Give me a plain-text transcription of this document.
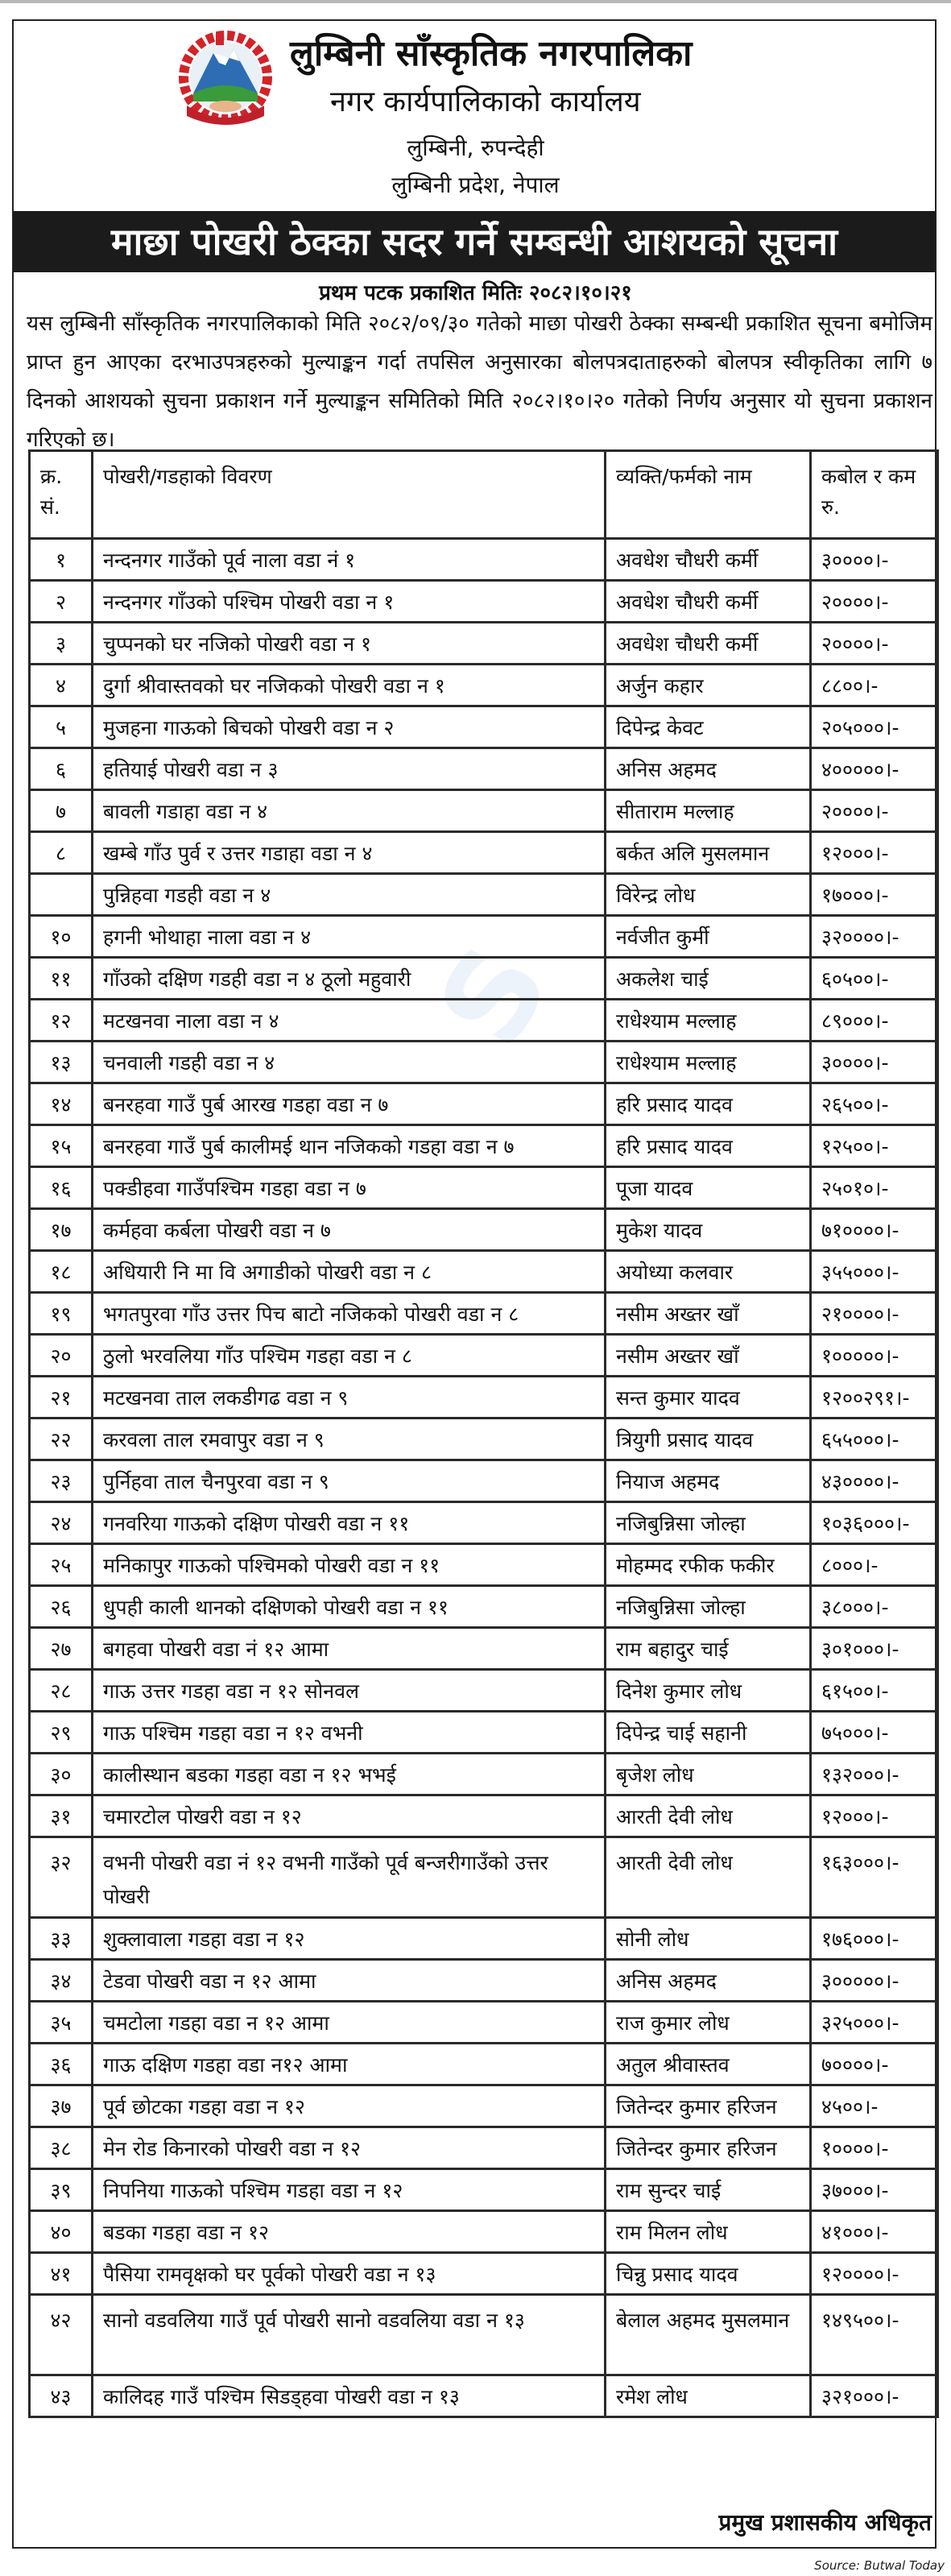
S
लुम्बिनी साँस्कृतिक नगरपालिका
नगर कार्यपालिकाको कार्यालय
लुम्बिनी, रुपन्देही
लुम्बिनी प्रदेश, नेपाल
माछा पोखरी ठेक्का सदर गर्ने सम्बन्धी आशयको सूचना
प्रथम पटक प्रकाशित मितिः २०८२।१०।२१
यस लुम्बिनी साँस्कृतिक नगरपालिकाको मिति २०८२/०९/३० गतेको माछा पोखरी ठेक्का सम्बन्धी प्रकाशित सूचना बमोजिम प्राप्त हुन आएका दरभाउपत्रहरुको मुल्याङ्कन गर्दा तपसिल अनुसारका बोलपत्रदाताहरुको बोलपत्र स्वीकृतिका लागि ७ दिनको आशयको सुचना प्रकाशन गर्ने मुल्याङ्कन समितिको मिति २०८२।१०।२० गतेको निर्णय अनुसार यो सुचना प्रकाशन गरिएको छ।
क्र. सं.	पोखरी/गडहाको विवरण	व्यक्ति/फर्मको नाम	कबोल र कम रु.
१	नन्दनगर गाउँको पूर्व नाला वडा नं १	अवधेश चौधरी कर्मी	३००००।-
२	नन्दनगर गाँउको पश्चिम पोखरी वडा न १	अवधेश चौधरी कर्मी	२००००।-
३	चुप्पनको घर नजिको पोखरी वडा न १	अवधेश चौधरी कर्मी	२००००।-
४	दुर्गा श्रीवास्तवको घर नजिकको पोखरी वडा न १	अर्जुन कहार	८८००।-
५	मुजहना गाऊको बिचको पोखरी वडा न २	दिपेन्द्र केवट	२०५०००।-
६	हतियाई पोखरी वडा न ३	अनिस अहमद	४०००००।-
७	बावली गडाहा वडा न ४	सीताराम मल्लाह	२००००।-
८	खम्बे गाँउ पुर्व र उत्तर गडाहा वडा न ४	बर्कत अलि मुसलमान	१२०००।-
	पुन्निहवा गडही वडा न ४	विरेन्द्र लोध	१७०००।-
१०	हगनी भोथाहा नाला वडा न ४	नर्वजीत कुर्मी	३२००००।-
११	गाँउको दक्षिण गडही वडा न ४ ठूलो महुवारी	अकलेश चाई	६०५००।-
१२	मटखनवा नाला वडा न ४	राधेश्याम मल्लाह	८९०००।-
१३	चनवाली गडही वडा न ४	राधेश्याम मल्लाह	३००००।-
१४	बनरहवा गाउँ पुर्ब आरख गडहा वडा न ७	हरि प्रसाद यादव	२६५००।-
१५	बनरहवा गाउँ पुर्ब कालीमई थान नजिकको गडहा वडा न ७	हरि प्रसाद यादव	१२५००।-
१६	पक्डीहवा गाउँपश्चिम गडहा वडा न ७	पूजा यादव	२५०१०।-
१७	कर्महवा कर्बला पोखरी वडा न ७	मुकेश यादव	७१००००।-
१८	अधियारी नि मा वि अगाडीको पोखरी वडा न ८	अयोध्या कलवार	३५५०००।-
१९	भगतपुरवा गाँउ उत्तर पिच बाटो नजिकको पोखरी वडा न ८	नसीम अख्तर खाँ	२१००००।-
२०	ठुलो भरवलिया गाँउ पश्चिम गडहा वडा न ८	नसीम अख्तर खाँ	१०००००।-
२१	मटखनवा ताल लकडीगढ वडा न ९	सन्त कुमार यादव	१२००२९१।-
२२	करवला ताल रमवापुर वडा न ९	त्रियुगी प्रसाद यादव	६५५०००।-
२३	पुर्निहवा ताल चैनपुरवा वडा न ९	नियाज अहमद	४३००००।-
२४	गनवरिया गाऊको दक्षिण पोखरी वडा न ११	नजिबुन्निसा जोल्हा	१०३६०००।-
२५	मनिकापुर गाऊको पश्चिमको पोखरी वडा न ११	मोहम्मद रफीक फकीर	८०००।-
२६	धुपही काली थानको दक्षिणको पोखरी वडा न ११	नजिबुन्निसा जोल्हा	३८०००।-
२७	बगहवा पोखरी वडा नं १२ आमा	राम बहादुर चाई	३०१०००।-
२८	गाऊ उत्तर गडहा वडा न १२ सोनवल	दिनेश कुमार लोध	६१५००।-
२९	गाऊ पश्चिम गडहा वडा न १२ वभनी	दिपेन्द्र चाई सहानी	७५०००।-
३०	कालीस्थान बडका गडहा वडा न १२ भभई	बृजेश लोध	१३२०००।-
३१	चमारटोल पोखरी वडा न १२	आरती देवी लोध	१२०००।-
३२	वभनी पोखरी वडा नं १२ वभनी गाउँको पूर्व बन्जरीगाउँको उत्तर पोखरी	आरती देवी लोध	१६३०००।-
३३	शुक्लावाला गडहा वडा न १२	सोनी लोध	१७६०००।-
३४	टेडवा पोखरी वडा न १२ आमा	अनिस अहमद	३०००००।-
३५	चमटोला गडहा वडा न १२ आमा	राज कुमार लोध	३२५०००।-
३६	गाऊ दक्षिण गडहा वडा न१२ आमा	अतुल श्रीवास्तव	७००००।-
३७	पूर्व छोटका गडहा वडा न १२	जितेन्दर कुमार हरिजन	४५००।-
३८	मेन रोड किनारको पोखरी वडा न १२	जितेन्दर कुमार हरिजन	१००००।-
३९	निपनिया गाऊको पश्चिम गडहा वडा न १२	राम सुन्दर चाई	३७०००।-
४०	बडका गडहा वडा न १२	राम मिलन लोध	४१०००।-
४१	पैसिया रामवृक्षको घर पूर्वको पोखरी वडा न १३	चिन्नु प्रसाद यादव	१२००००।-
४२	सानो वडवलिया गाउँ पूर्व पोखरी सानो वडवलिया वडा न १३	बेलाल अहमद मुसलमान	१४९५००।-
४३	कालिदह गाउँ पश्चिम सिडड्हवा पोखरी वडा न १३	रमेश लोध	३२१०००।-
प्रमुख प्रशासकीय अधिकृत
Source: Butwal Today
